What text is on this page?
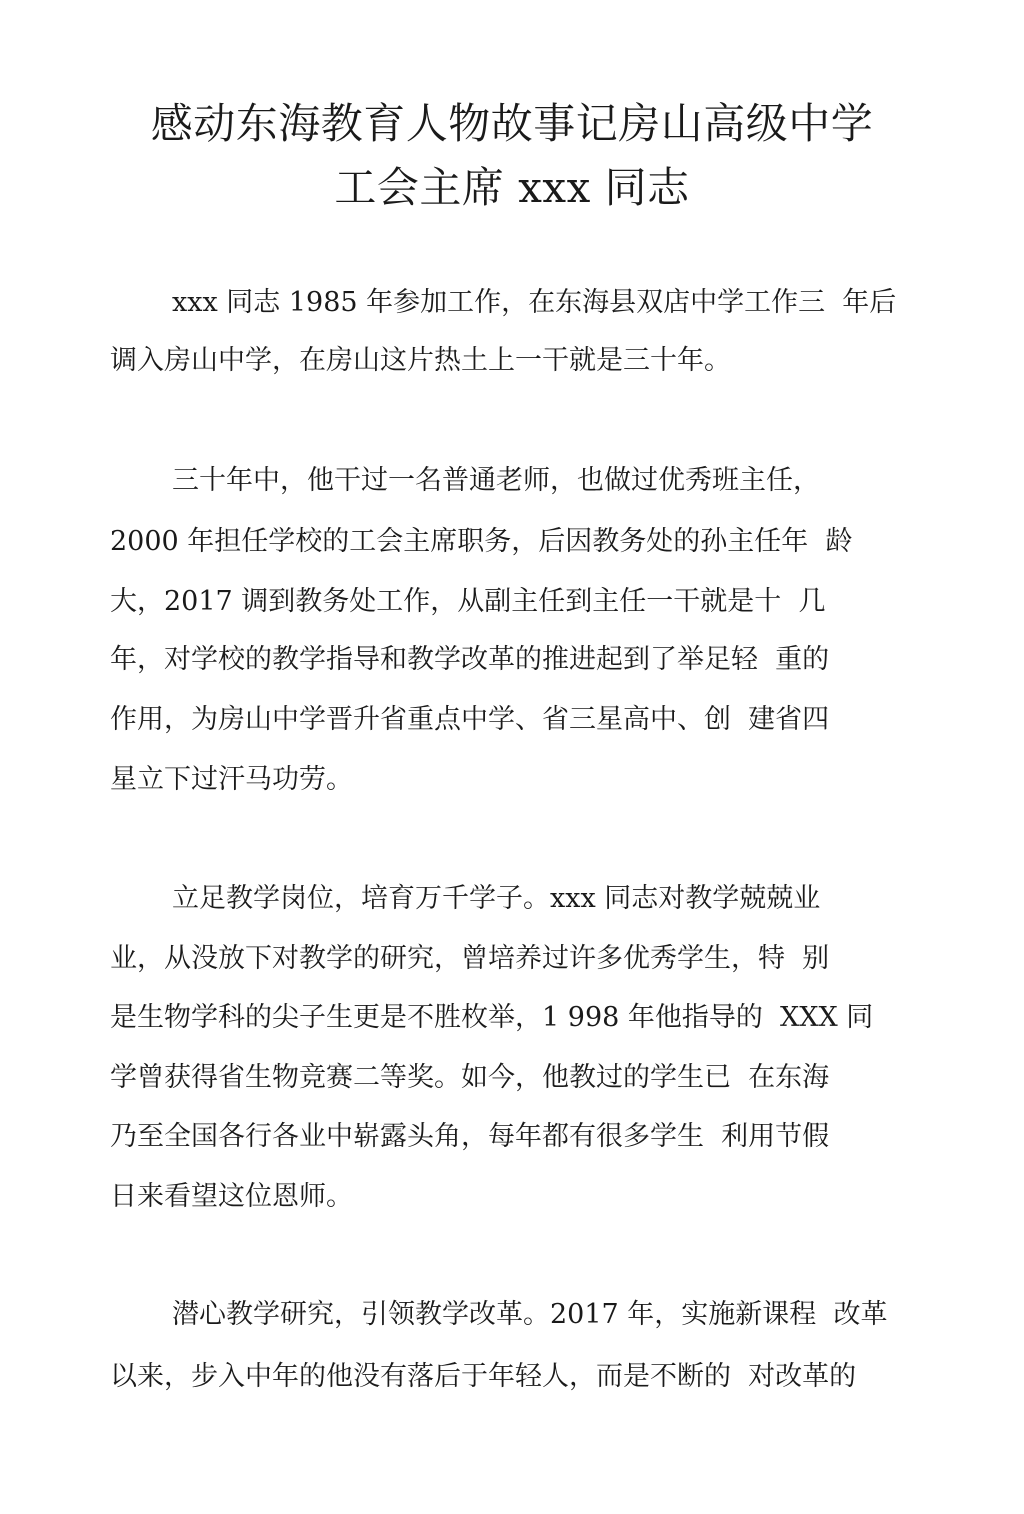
感动东海教育人物故事记房山高级中学
工会主席 xxx 同志

xxx 同志 1985 年参加工作，在东海县双店中学工作三  年后

调入房山中学，在房山这片热土上一干就是三十年。

三十年中，他干过一名普通老师，也做过优秀班主任，

2000 年担任学校的工会主席职务，后因教务处的孙主任年  龄

大，2017 调到教务处工作，从副主任到主任一干就是十  几

年，对学校的教学指导和教学改革的推进起到了举足轻  重的

作用，为房山中学晋升省重点中学、省三星高中、创  建省四

星立下过汗马功劳。

立足教学岗位，培育万千学子。xxx 同志对教学兢兢业

业，从没放下对教学的研究，曾培养过许多优秀学生，特  别

是生物学科的尖子生更是不胜枚举，1 998 年他指导的  XXX 同

学曾获得省生物竞赛二等奖。如今，他教过的学生已  在东海

乃至全国各行各业中崭露头角，每年都有很多学生  利用节假

日来看望这位恩师。

潜心教学研究，引领教学改革。2017 年，实施新课程  改革

以来，步入中年的他没有落后于年轻人，而是不断的  对改革的
